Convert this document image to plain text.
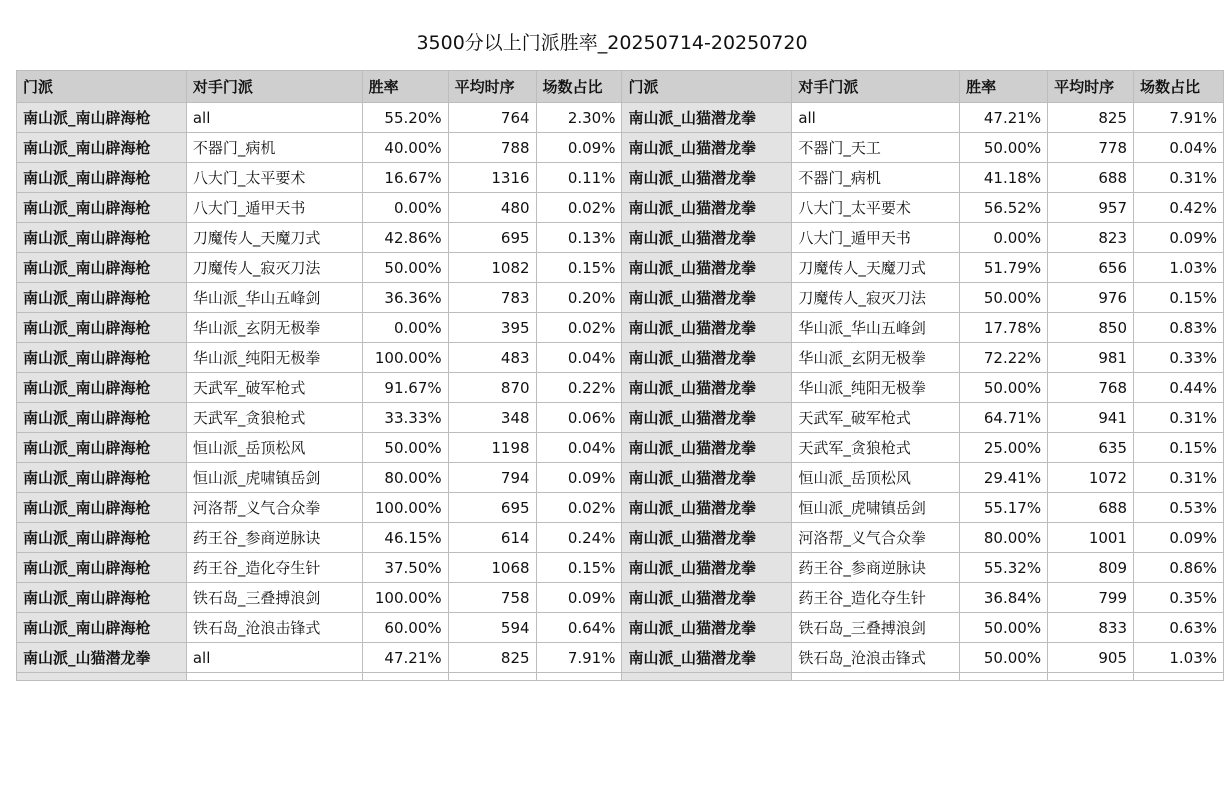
3500分以上门派胜率_20250714-20250720
门派	对手门派	胜率	平均时序	场数占比	门派	对手门派	胜率	平均时序	场数占比
南山派_南山辟海枪	all	55.20%	764	2.30%	南山派_山猫潜龙拳	all	47.21%	825	7.91%
南山派_南山辟海枪	不器门_病机	40.00%	788	0.09%	南山派_山猫潜龙拳	不器门_天工	50.00%	778	0.04%
南山派_南山辟海枪	八大门_太平要术	16.67%	1316	0.11%	南山派_山猫潜龙拳	不器门_病机	41.18%	688	0.31%
南山派_南山辟海枪	八大门_遁甲天书	0.00%	480	0.02%	南山派_山猫潜龙拳	八大门_太平要术	56.52%	957	0.42%
南山派_南山辟海枪	刀魔传人_天魔刀式	42.86%	695	0.13%	南山派_山猫潜龙拳	八大门_遁甲天书	0.00%	823	0.09%
南山派_南山辟海枪	刀魔传人_寂灭刀法	50.00%	1082	0.15%	南山派_山猫潜龙拳	刀魔传人_天魔刀式	51.79%	656	1.03%
南山派_南山辟海枪	华山派_华山五峰剑	36.36%	783	0.20%	南山派_山猫潜龙拳	刀魔传人_寂灭刀法	50.00%	976	0.15%
南山派_南山辟海枪	华山派_玄阴无极拳	0.00%	395	0.02%	南山派_山猫潜龙拳	华山派_华山五峰剑	17.78%	850	0.83%
南山派_南山辟海枪	华山派_纯阳无极拳	100.00%	483	0.04%	南山派_山猫潜龙拳	华山派_玄阴无极拳	72.22%	981	0.33%
南山派_南山辟海枪	天武军_破军枪式	91.67%	870	0.22%	南山派_山猫潜龙拳	华山派_纯阳无极拳	50.00%	768	0.44%
南山派_南山辟海枪	天武军_贪狼枪式	33.33%	348	0.06%	南山派_山猫潜龙拳	天武军_破军枪式	64.71%	941	0.31%
南山派_南山辟海枪	恒山派_岳顶松风	50.00%	1198	0.04%	南山派_山猫潜龙拳	天武军_贪狼枪式	25.00%	635	0.15%
南山派_南山辟海枪	恒山派_虎啸镇岳剑	80.00%	794	0.09%	南山派_山猫潜龙拳	恒山派_岳顶松风	29.41%	1072	0.31%
南山派_南山辟海枪	河洛帮_义气合众拳	100.00%	695	0.02%	南山派_山猫潜龙拳	恒山派_虎啸镇岳剑	55.17%	688	0.53%
南山派_南山辟海枪	药王谷_参商逆脉诀	46.15%	614	0.24%	南山派_山猫潜龙拳	河洛帮_义气合众拳	80.00%	1001	0.09%
南山派_南山辟海枪	药王谷_造化夺生针	37.50%	1068	0.15%	南山派_山猫潜龙拳	药王谷_参商逆脉诀	55.32%	809	0.86%
南山派_南山辟海枪	铁石岛_三叠搏浪剑	100.00%	758	0.09%	南山派_山猫潜龙拳	药王谷_造化夺生针	36.84%	799	0.35%
南山派_南山辟海枪	铁石岛_沧浪击锋式	60.00%	594	0.64%	南山派_山猫潜龙拳	铁石岛_三叠搏浪剑	50.00%	833	0.63%
南山派_山猫潜龙拳	all	47.21%	825	7.91%	南山派_山猫潜龙拳	铁石岛_沧浪击锋式	50.00%	905	1.03%
